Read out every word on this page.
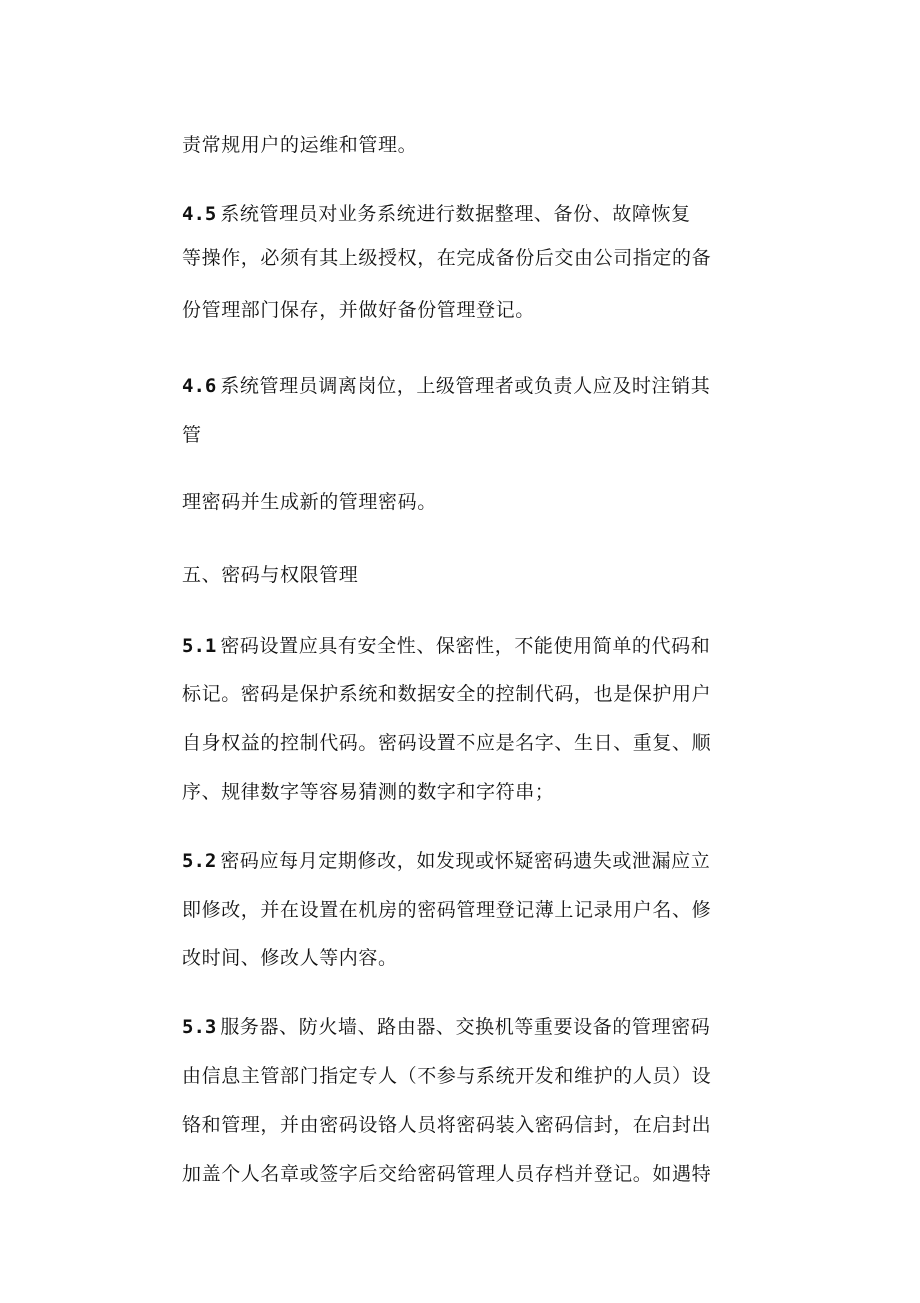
责常规用户的运维和管理。
4.5 系统管理员对业务系统进行数据整理、备份、故障恢复
等操作，必须有其上级授权，在完成备份后交由公司指定的备
份管理部门保存，并做好备份管理登记。
4.6 系统管理员调离岗位，上级管理者或负责人应及时注销其
管
理密码并生成新的管理密码。
五、密码与权限管理
5.1 密码设置应具有安全性、保密性，不能使用简单的代码和
标记。密码是保护系统和数据安全的控制代码，也是保护用户
自身权益的控制代码。密码设置不应是名字、生日、重复、顺
序、规律数字等容易猜测的数字和字符串；
5.2 密码应每月定期修改，如发现或怀疑密码遗失或泄漏应立
即修改，并在设置在机房的密码管理登记薄上记录用户名、修
改时间、修改人等内容。
5.3 服务器、防火墙、路由器、交换机等重要设备的管理密码
由信息主管部门指定专人（不参与系统开发和维护的人员）设
铬和管理，并由密码设铬人员将密码装入密码信封，在启封出
加盖个人名章或签字后交给密码管理人员存档并登记。如遇特
